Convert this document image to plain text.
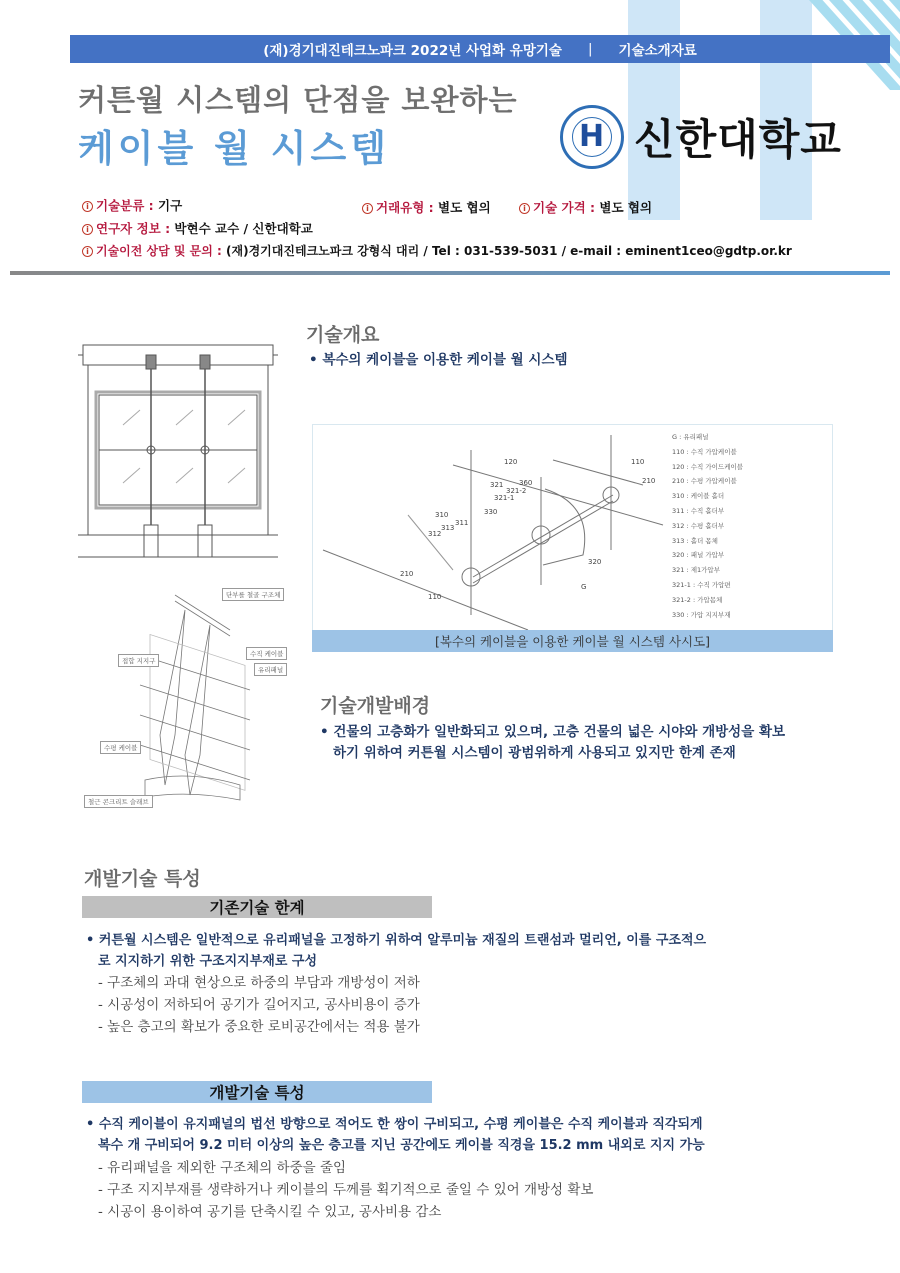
(재)경기대진테크노파크 2022년 사업화 유망기술 | 기술소개자료
커튼월 시스템의 단점을 보완하는
케이블 월 시스템	H 신한대학교
i 기술분류 : 기구	i 거래유형 : 별도 협의	i 기술 가격 : 별도 협의
i 연구자 정보 : 박현수 교수 / 신한대학교
i 기술이전 상담 및 문의 : (재)경기대진테크노파크 강형식 대리 / Tel : 031-539-5031 / e-mail : eminent1ceo@gdtp.or.kr
단부를 철골 구조체
수직 케이블
접합 지지구
유리패널
수평 케이블
철근 콘크리트 슬래브
기술개요
• 복수의 케이블을 이용한 케이블 월 시스템
120	110
210
321 360
321-2
321-1
310
311
313
312
330
320
G
210
110
G : 유리패널
110 : 수직 가압케이블
120 : 수직 가이드케이블
210 : 수평 가압케이블
310 : 케이블 홀더
311 : 수직 홀더부
312 : 수평 홀더부
313 : 홀더 몸체
320 : 패널 가압부
321 : 제1가압부
321-1 : 수직 가압편
321-2 : 가압몸체
330 : 가압 지지부재
[복수의 케이블을 이용한 케이블 월 시스템 사시도]
기술개발배경
• 건물의 고층화가 일반화되고 있으며, 고층 건물의 넓은 시야와 개방성을 확보
하기 위하여 커튼월 시스템이 광범위하게 사용되고 있지만 한계 존재
개발기술 특성
기존기술 한계
• 커튼월 시스템은 일반적으로 유리패널을 고정하기 위하여 알루미늄 재질의 트랜섬과 멀리언, 이를 구조적으
로 지지하기 위한 구조지지부재로 구성
- 구조체의 과대 현상으로 하중의 부담과 개방성이 저하
- 시공성이 저하되어 공기가 길어지고, 공사비용이 증가
- 높은 층고의 확보가 중요한 로비공간에서는 적용 불가
개발기술 특성
• 수직 케이블이 유지패널의 법선 방향으로 적어도 한 쌍이 구비되고, 수평 케이블은 수직 케이블과 직각되게
복수 개 구비되어 9.2 미터 이상의 높은 층고를 지닌 공간에도 케이블 직경을 15.2 mm 내외로 지지 가능
- 유리패널을 제외한 구조체의 하중을 줄임
- 구조 지지부재를 생략하거나 케이블의 두께를 획기적으로 줄일 수 있어 개방성 확보
- 시공이 용이하여 공기를 단축시킬 수 있고, 공사비용 감소
